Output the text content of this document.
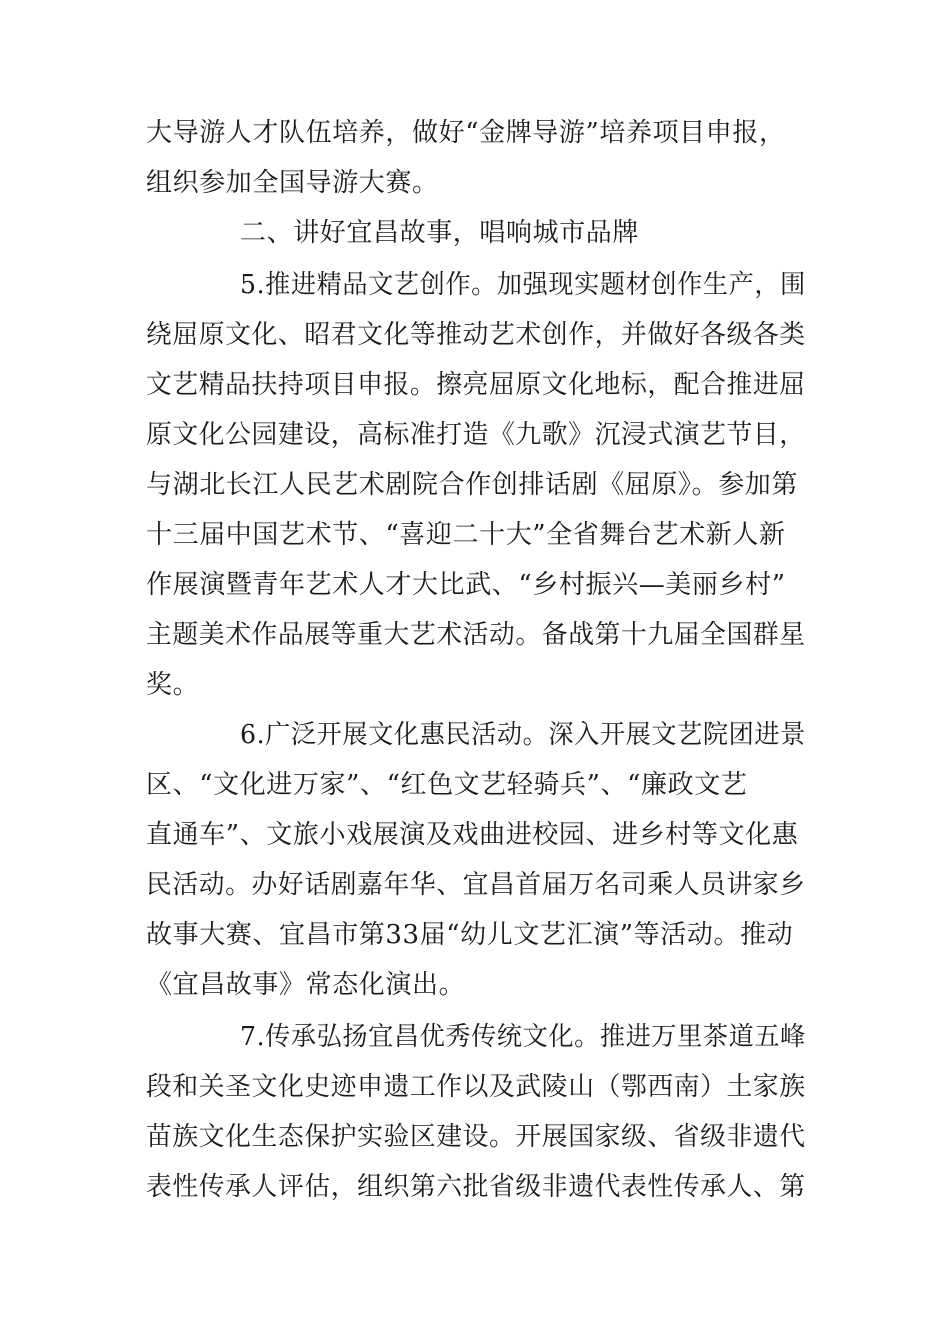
大导游人才队伍培养，做好“金牌导游”培养项目申报，
组织参加全国导游大赛。
二、讲好宜昌故事，唱响城市品牌
5.推进精品文艺创作。加强现实题材创作生产，围
绕屈原文化、昭君文化等推动艺术创作，并做好各级各类
文艺精品扶持项目申报。擦亮屈原文化地标，配合推进屈
原文化公园建设，高标准打造《九歌》沉浸式演艺节目，
与湖北长江人民艺术剧院合作创排话剧《屈原》。参加第
十三届中国艺术节、“喜迎二十大”全省舞台艺术新人新
作展演暨青年艺术人才大比武、“乡村振兴—美丽乡村”
主题美术作品展等重大艺术活动。备战第十九届全国群星
奖。
6.广泛开展文化惠民活动。深入开展文艺院团进景
区、“文化进万家”、“红色文艺轻骑兵”、“廉政文艺
直通车”、文旅小戏展演及戏曲进校园、进乡村等文化惠
民活动。办好话剧嘉年华、宜昌首届万名司乘人员讲家乡
故事大赛、宜昌市第33届“幼儿文艺汇演”等活动。推动
《宜昌故事》常态化演出。
7.传承弘扬宜昌优秀传统文化。推进万里茶道五峰
段和关圣文化史迹申遗工作以及武陵山（鄂西南）土家族
苗族文化生态保护实验区建设。开展国家级、省级非遗代
表性传承人评估，组织第六批省级非遗代表性传承人、第
